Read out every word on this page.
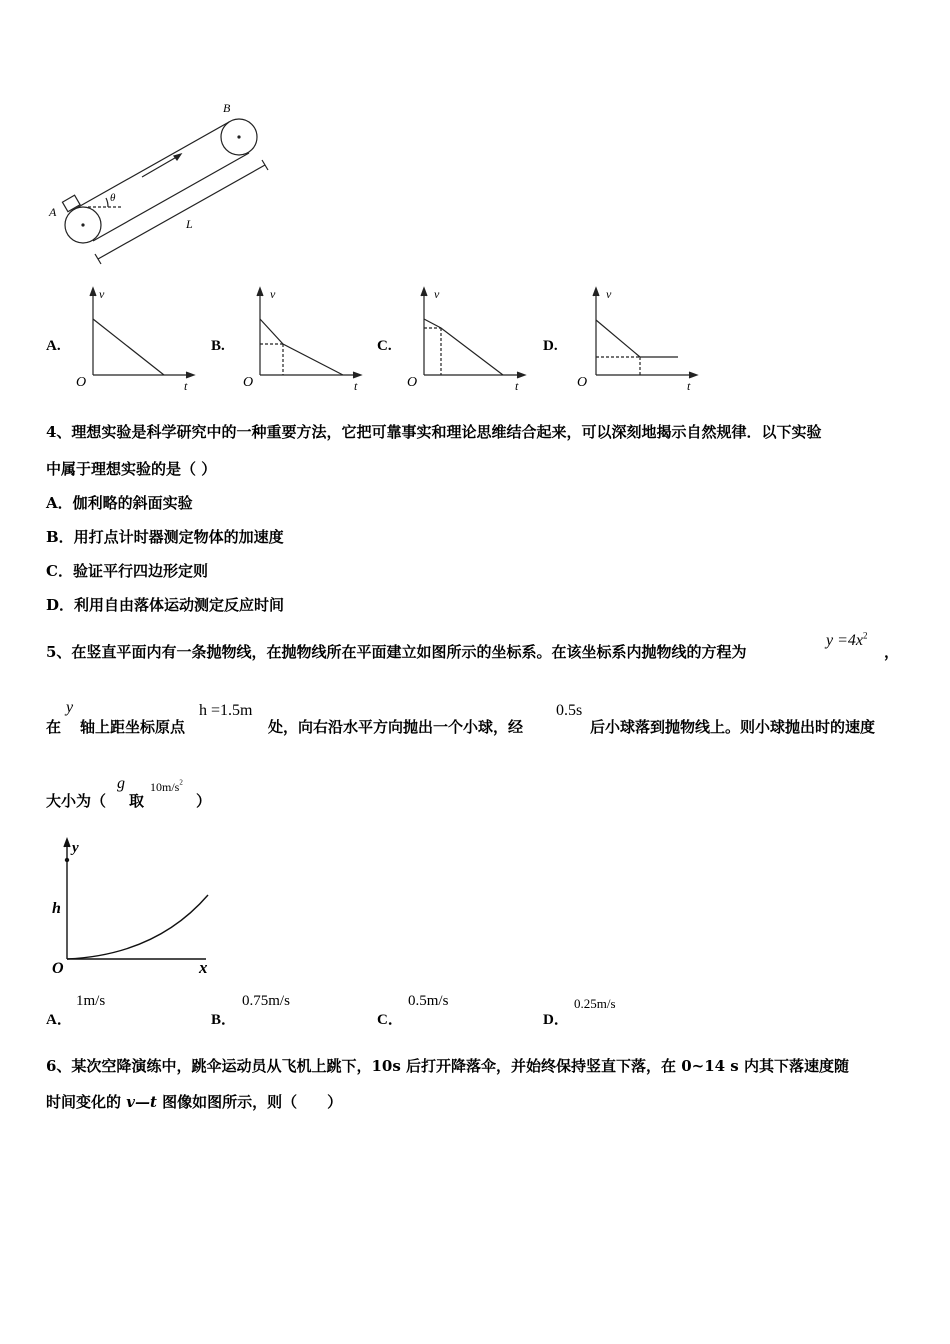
A
B
θ
L
A.	B.	C.	D.
v
t
O
v
t
O
v
t
O
v
t
O
4、理想实验是科学研究中的一种重要方法，它把可靠事实和理论思维结合起来，可以深刻地揭示自然规律．以下实验
中属于理想实验的是（ ）
A．伽利略的斜面实验
B．用打点计时器测定物体的加速度
C．验证平行四边形定则
D．利用自由落体运动测定反应时间
5、在竖直平面内有一条抛物线，在抛物线所在平面建立如图所示的坐标系。在该坐标系内抛物线的方程为
$y =4x^2$
，
在
y
轴上距坐标原点
h =1.5m
处，向右沿水平方向抛出一个小球，经
0.5s
后小球落到抛物线上。则小球抛出时的速度
大小为（
g
取
$10m/s^2$
）
y
h
O	x
A．
1m/s
B．
0.75m/s
C．
0.5m/s
D．
0.25m/s
6、某次空降演练中，跳伞运动员从飞机上跳下，10s 后打开降落伞，并始终保持竖直下落，在 0~14 s 内其下落速度随
时间变化的 v—t 图像如图所示，则（　　）
